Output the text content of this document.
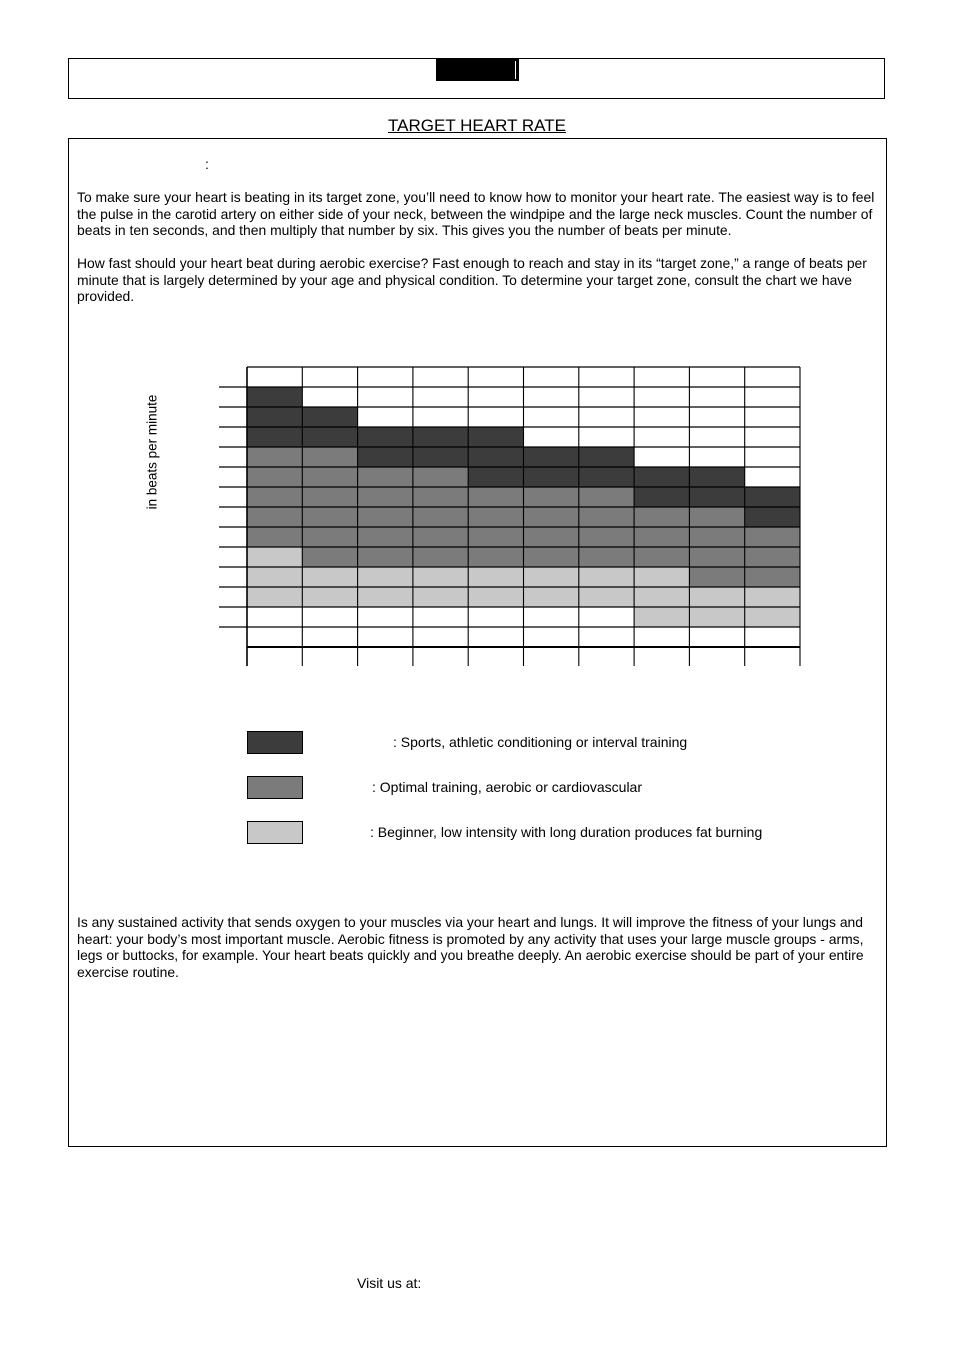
TARGET HEART RATE
:

To make sure your heart is beating in its target zone, you’ll need to know how to monitor your heart rate. The easiest way is to feel the pulse in the carotid artery on either side of your neck, between the windpipe and the large neck muscles. Count the number of beats in ten seconds, and then multiply that number by six. This gives you the number of beats per minute.

How fast should your heart beat during aerobic exercise? Fast enough to reach and stay in its “target zone,” a range of beats per minute that is largely determined by your age and physical condition. To determine your target zone, consult the chart we have provided.

in beats per minute
: Sports, athletic conditioning or interval training
: Optimal training, aerobic or cardiovascular
: Beginner, low intensity with long duration produces fat burning

Is any sustained activity that sends oxygen to your muscles via your heart and lungs. It will improve the fitness of your lungs and heart: your body’s most important muscle. Aerobic fitness is promoted by any activity that uses your large muscle groups - arms, legs or buttocks, for example. Your heart beats quickly and you breathe deeply. An aerobic exercise should be part of your entire exercise routine.

Visit us at:
